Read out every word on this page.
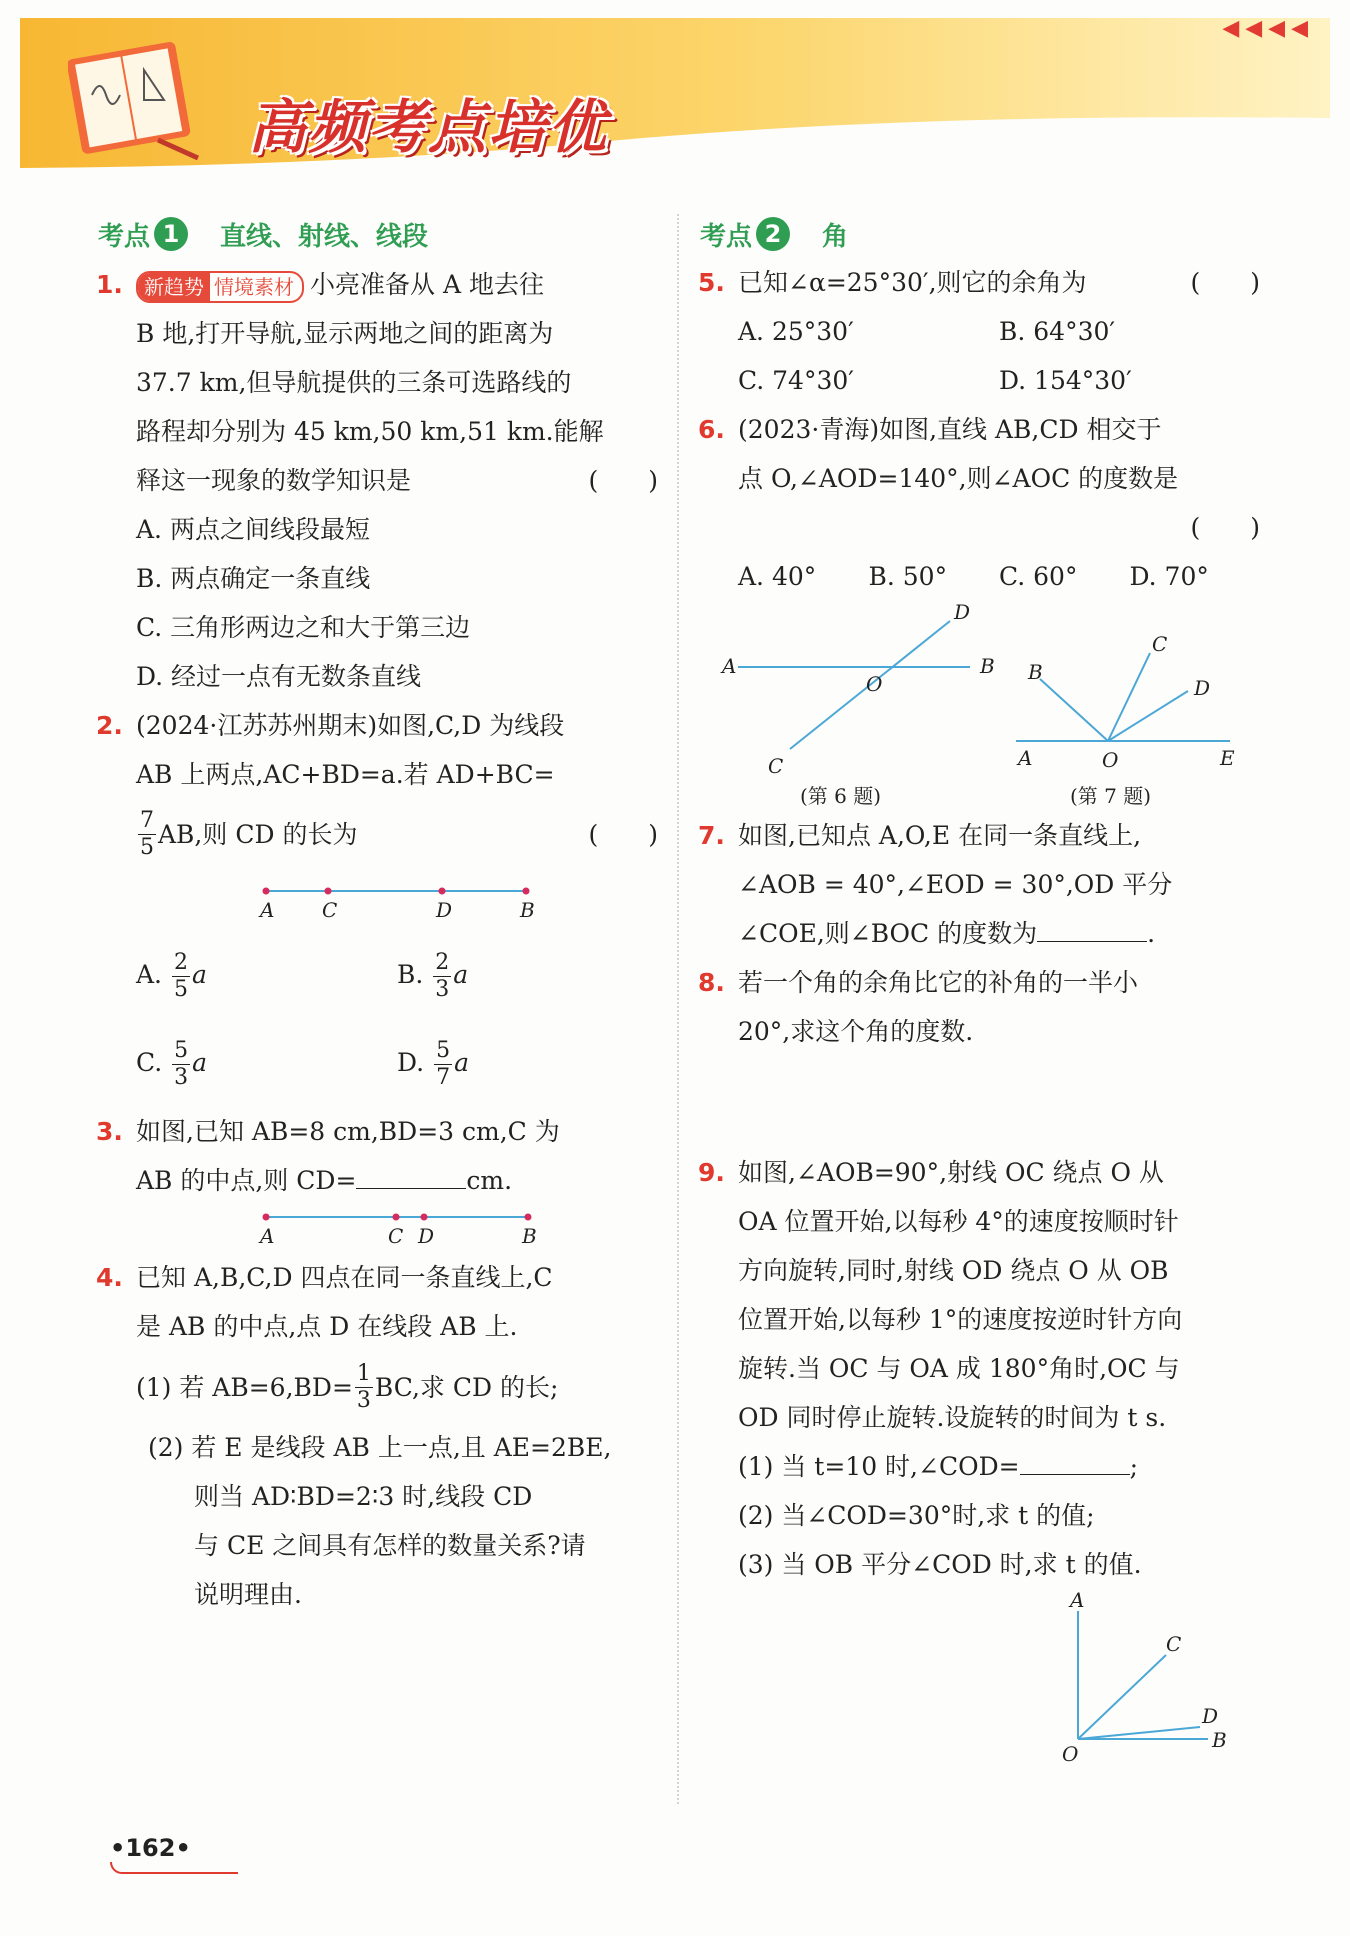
高频考点培优
◀◀◀◀
考点 1	直线、射线、线段
1.	新趋势 情境素材 小亮准备从 A 地去往
B 地,打开导航,显示两地之间的距离为
37.7 km,但导航提供的三条可选路线的
路程却分别为 45 km,50 km,51 km.能解
释这一现象的数学知识是	(　　)
A. 两点之间线段最短
B. 两点确定一条直线
C. 三角形两边之和大于第三边
D. 经过一点有无数条直线
2. (2024·江苏苏州期末)如图,C,D 为线段
AB 上两点,AC+BD=a.若 AD+BC=

$\frac{7}{5}$ AB,则 CD 的长为	(　　)
A C	D	B
A. $\frac{2}{5}$ a	B. $\frac{2}{3}$ a
C. $\frac{5}{3}$ a	D. $\frac{5}{7}$ a
3. 如图,已知 AB=8 cm,BD=3 cm,C 为
AB 的中点,则 CD=	cm.
A	C D	B
4. 已知 A,B,C,D 四点在同一条直线上,C
是 AB 的中点,点 D 在线段 AB 上.
(1) 若 $AB=6,BD= \frac{1}{3}$ BC,求 CD 的长;
(2) 若 E 是线段 AB 上一点,且 AE=2BE,
则当 AD∶BD=2∶3 时,线段 CD
与 CE 之间具有怎样的数量关系?请
说明理由.
考点 2	角
5. 已知∠α=25°30′,则它的余角为	(　　)
A. 25°30′	B. 64°30′
C. 74°30′	D. 154°30′
6. (2023·青海)如图,直线 AB,CD 相交于
点 O,∠AOD=140°,则∠AOC 的度数是

(　　)

A. 40°	B. 50°	C. 60°	D. 70°
A	B
C
D
O
(第 6 题)
A
B
C
D
E
O
(第 7 题)
7. 如图,已知点 A,O,E 在同一条直线上,
∠AOB = 40°,∠EOD = 30°,OD 平分
∠COE,则∠BOC 的度数为	.
8. 若一个角的余角比它的补角的一半小
20°,求这个角的度数.
9. 如图,∠AOB=90°,射线 OC 绕点 O 从
OA 位置开始,以每秒 4°的速度按顺时针
方向旋转,同时,射线 OD 绕点 O 从 OB
位置开始,以每秒 1°的速度按逆时针方向
旋转.当 OC 与 OA 成 180°角时,OC 与
OD 同时停止旋转.设旋转的时间为 t s.
(1) 当 t=10 时,∠COD=	;
(2) 当∠COD=30°时,求 t 的值;
(3) 当 OB 平分∠COD 时,求 t 的值.
A
C
D
B
O
•162•
